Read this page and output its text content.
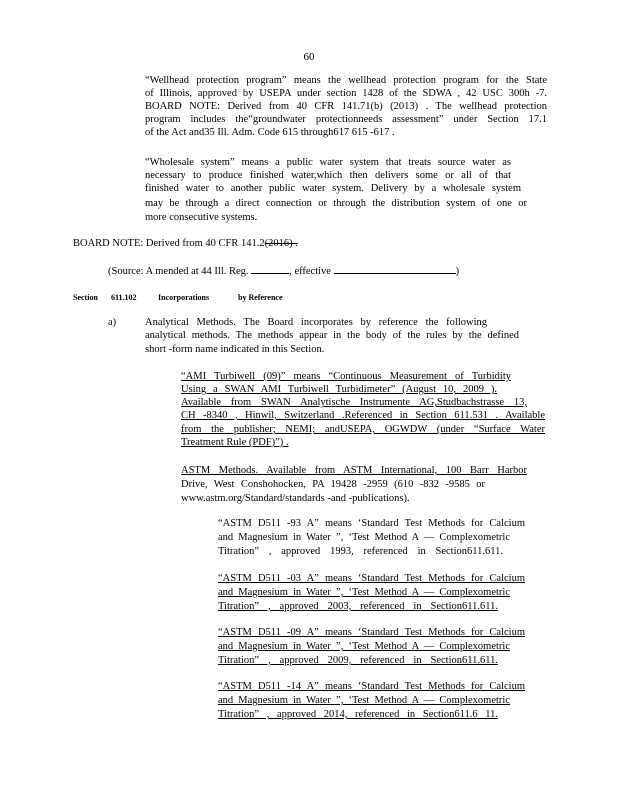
60
“Wellhead protection program” means the wellhead protection program for the State
of Illinois, approved by USEPA under section 1428 of the SDWA , 42 USC 300h -7.
BOARD NOTE: Derived from 40 CFR 141.71(b) (2013) . The wellhead protection
program includes the“groundwater protectionneeds assessment” under Section 17.1
of the Act and35 Ill. Adm. Code 615 through617 615 -617 .
“Wholesale system” means a public water system that treats source water as
necessary to produce finished water,which then delivers some or all of that
finished water to another public water system. Delivery by a wholesale system
may be through a direct connection or through the distribution system of one or
more consecutive systems.
BOARD NOTE: Derived from 40 CFR 141.2(2016) .
(Source: A mended at 44 Ill. Reg.	, effective	)
Section 611.102	Incorporations	by Reference
a)	Analytical Methods. The Board incorporates by reference the following
analytical methods. The methods appear in the body of the rules by the defined
short -form name indicated in this Section.
“AMI Turbiwell (09)” means “Continuous Measurement of Turbidity
Using a SWAN AMI Turbiwell Turbidimeter” (August 10, 2009 ).
Available from SWAN Analytische Instrumente AG,Studbachstrasse 13,
CH -8340 , Hinwil, Switzerland .Referenced in Section 611.531 . Available
from the publisher; NEMI; andUSEPA, OGWDW (under “Surface Water
Treatment Rule (PDF)”) .
ASTM Methods. Available from ASTM International, 100 Barr Harbor
Drive, West Conshohocken, PA 19428 -2959 (610 -832 -9585 or
www.astm.org/Standard/standards -and -publications).
“ASTM D511 -93 A” means ‘Standard Test Methods for Calcium
and Magnesium in Water ”, ‘Test Method A — Complexometric
Titration” , approved 1993, referenced in Section611.611.
“ASTM D511 -03 A” means ‘Standard Test Methods for Calcium
and Magnesium in Water ”, ‘Test Method A — Complexometric
Titration” , approved 2003, referenced in Section611.611.
“ASTM D511 -09 A” means ‘Standard Test Methods for Calcium
and Magnesium in Water ”, ‘Test Method A — Complexometric
Titration” , approved 2009, referenced in Section611.611.
“ASTM D511 -14 A” means ‘Standard Test Methods for Calcium
and Magnesium in Water ”, ‘Test Method A — Complexometric
Titration” , approved 2014, referenced in Section611.6 11.
